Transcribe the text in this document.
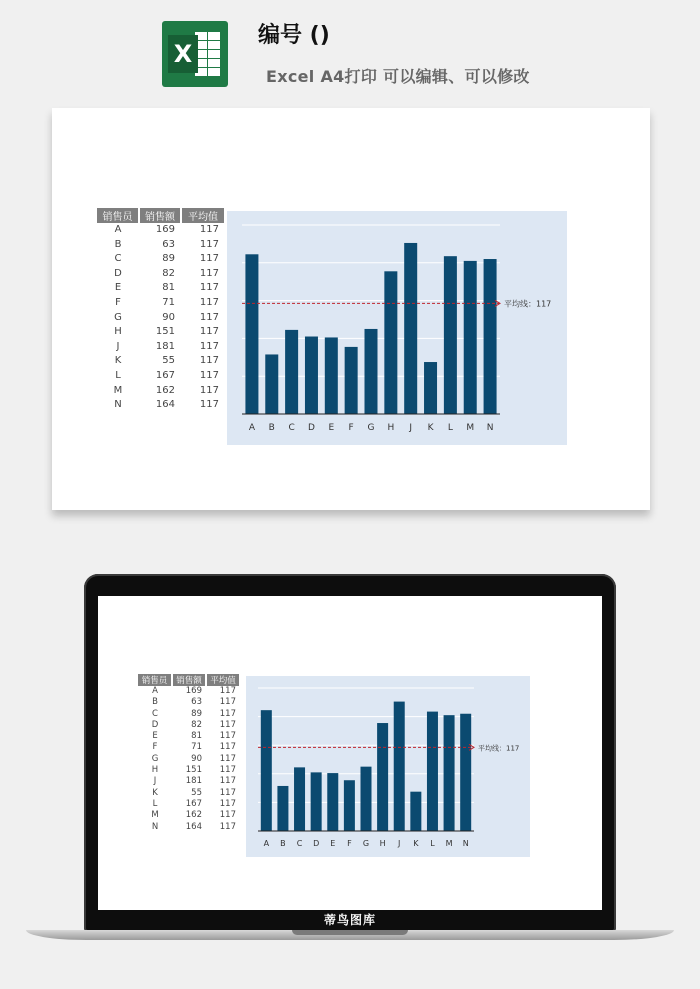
X
编号 ()
Excel A4打印 可以编辑、可以修改
销售员	销售额	平均值
A	169	117
B	63	117
C	89	117
D	82	117
E	81	117
F	71	117
G	90	117
H	151	117
J	181	117
K	55	117
L	167	117
M	162	117
N	164	117
A B C D E F G H J K L M N
平均线：117
销售员	销售额	平均值
A	169	117
B	63	117
C	89	117
D	82	117
E	81	117
F	71	117
G	90	117
H	151	117
J	181	117
K	55	117
L	167	117
M	162	117
N	164	117
A B C D E F G H J K L M N
平均线：117
蒂鸟图库
